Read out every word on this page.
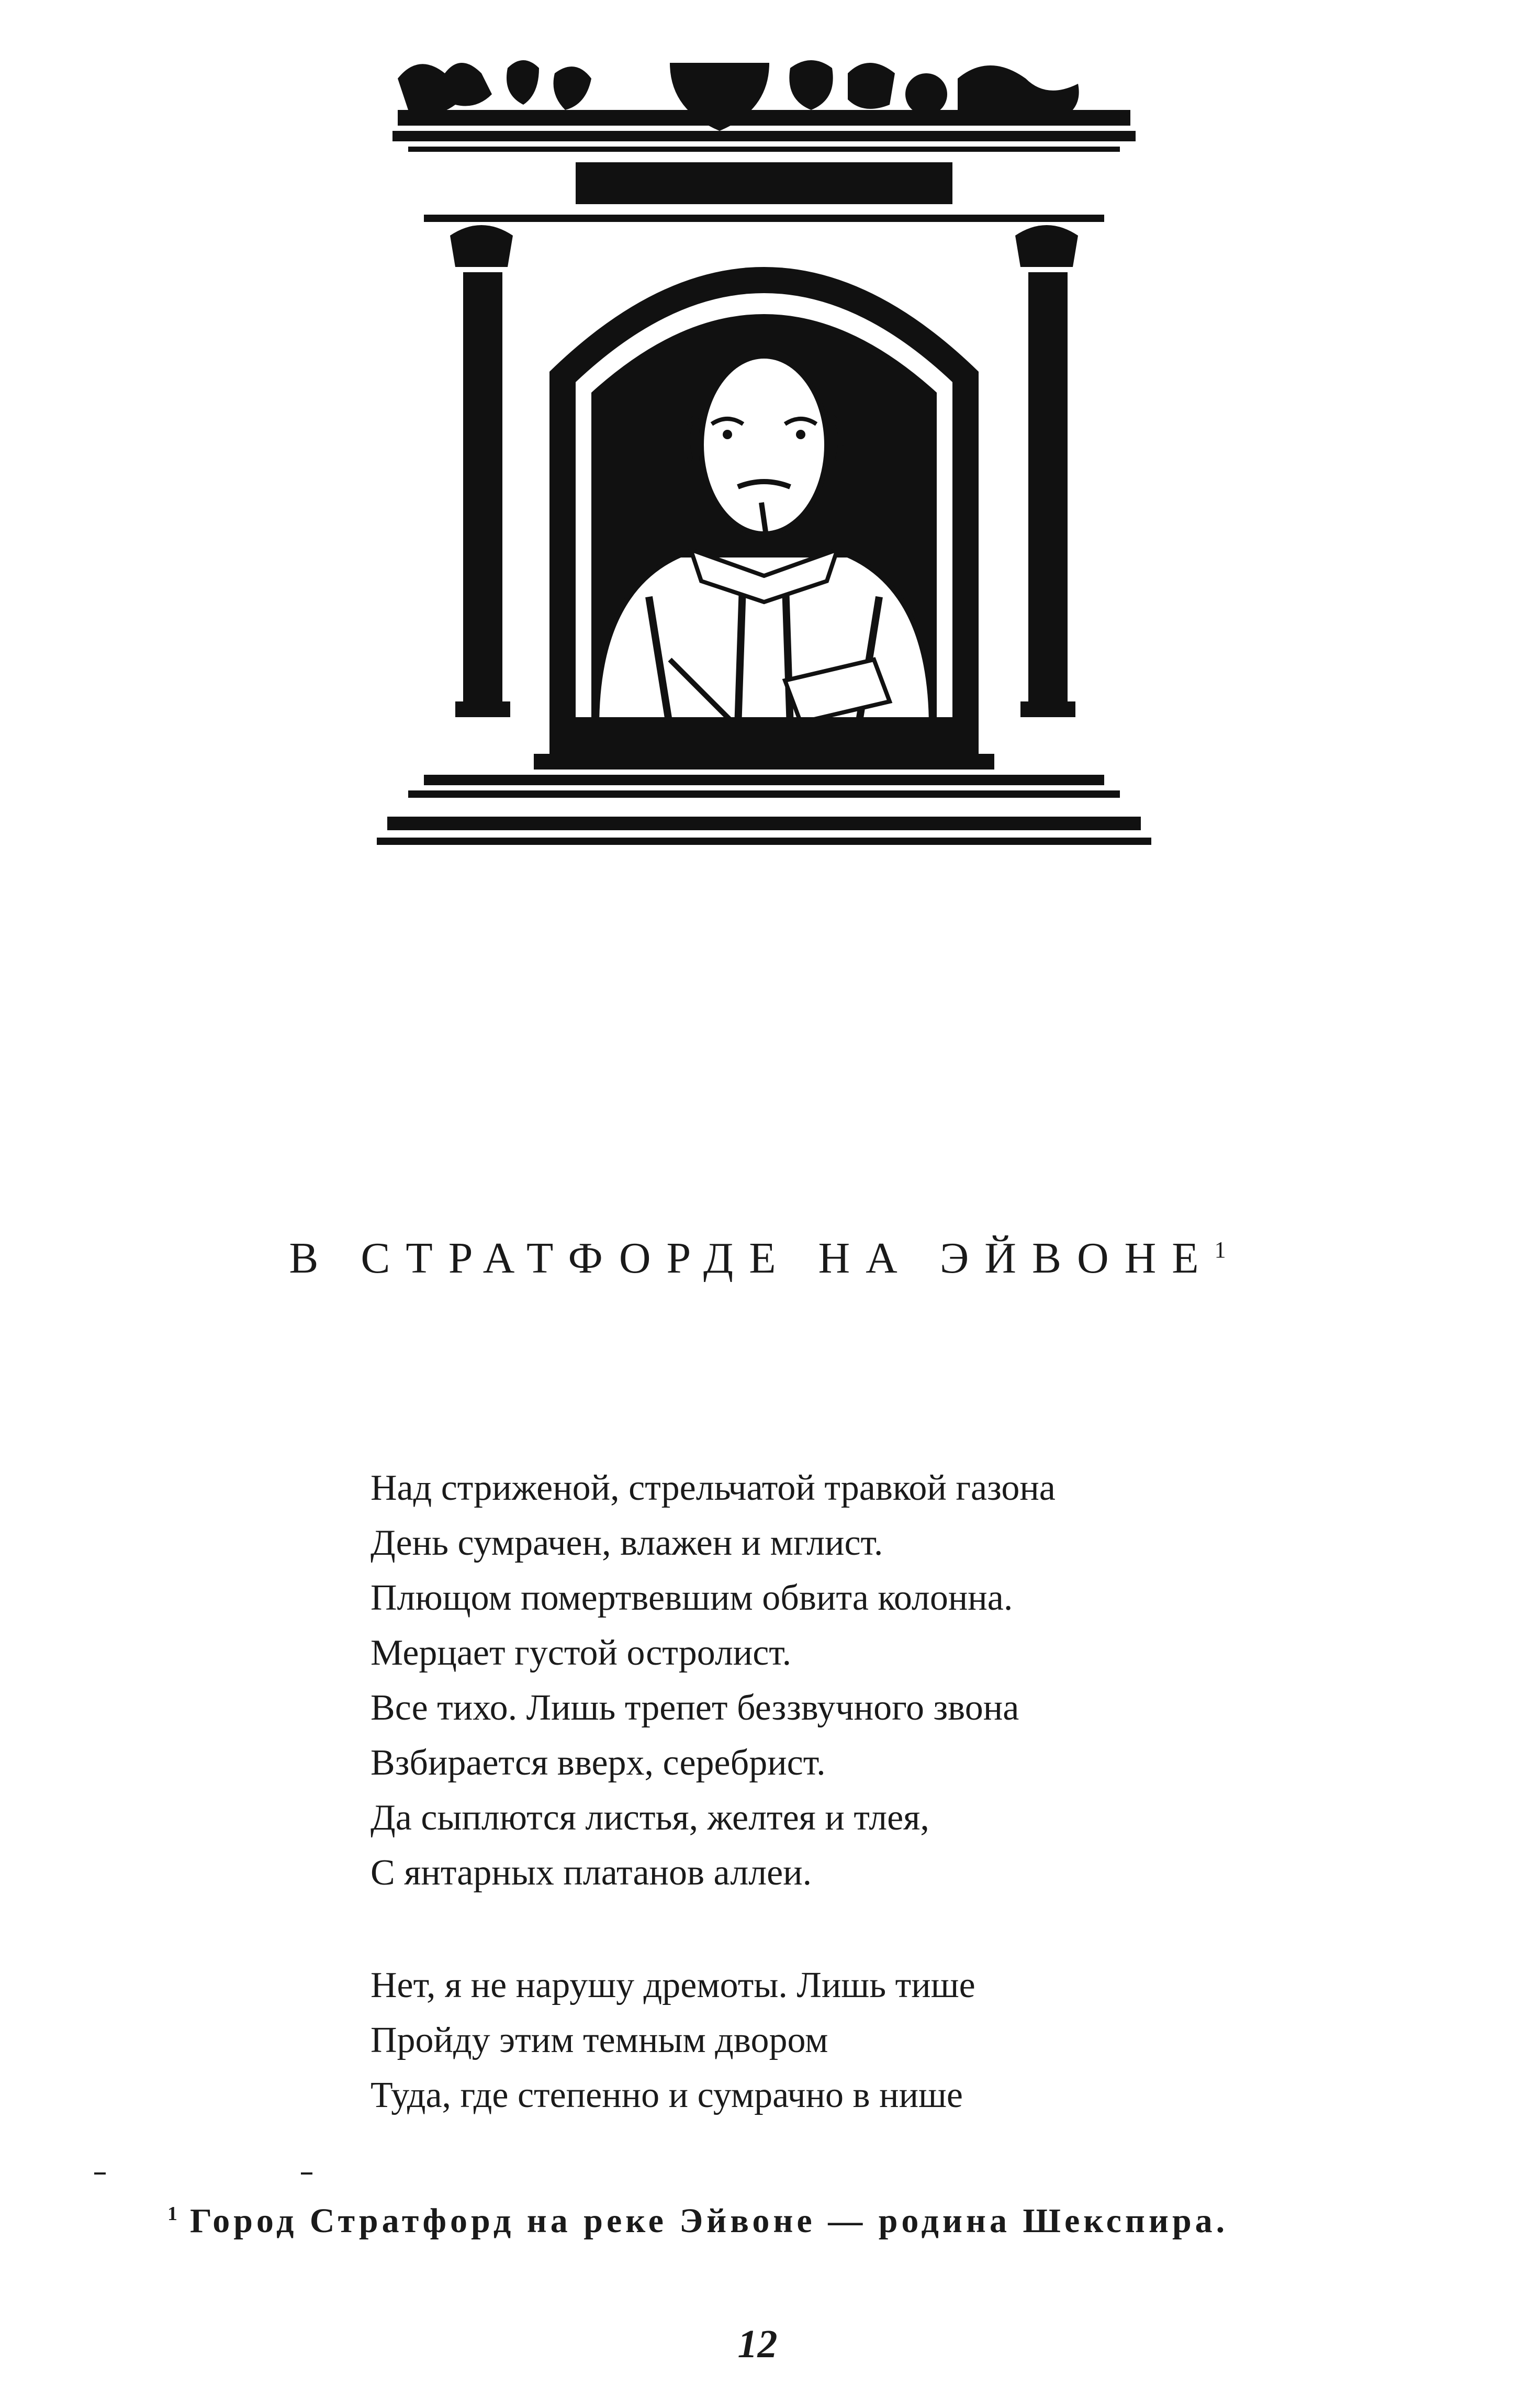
В СТРАТФОРДЕ НА ЭЙВОНЕ$^1$
Над стриженой, стрельчатой травкой газона
День сумрачен, влажен и мглист.
Плющом помертвевшим обвита колонна.
Мерцает густой остролист.
Все тихо. Лишь трепет беззвучного звона
Взбирается вверх, серебрист.
Да сыплются листья, желтея и тлея,
С янтарных платанов аллеи.
Нет, я не нарушу дремоты. Лишь тише
Пройду этим темным двором
Туда, где степенно и сумрачно в нише
$^1$ Город Стратфорд на реке Эйвоне — родина Шекспира.
12
